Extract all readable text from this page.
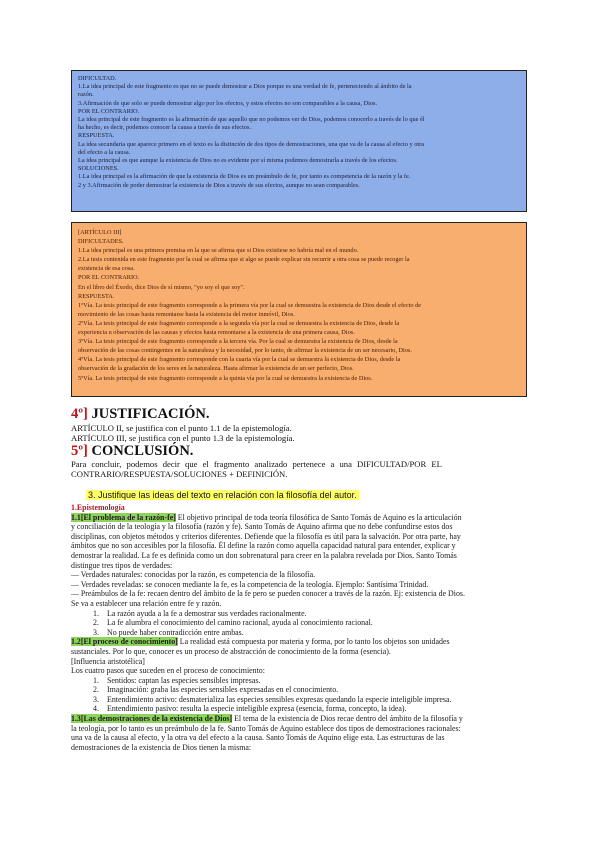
DIFICULTAD.
1.La idea principal de este fragmento es que no se puede demostrar a Dios porque es una verdad de fe, perteneciendo al ámbito de la
razón.
3.Afirmación de que solo se puede demostrar algo por los efectos, y estos efectos no son comparables a la causa, Dios.
POR EL CONTRARIO.
La idea principal de este fragmento es la afirmación de que aquello que no podemos ver de Dios, podemos conocerlo a través de lo que él
ha hecho, es decir, podemos conocer la causa a través de sus efectos.
RESPUESTA.
La idea secundaria que aparece primero en el texto es la distinción de dos tipos de demostraciones, una que va de la causa al efecto y otra
del efecto a la causa.
La idea principal es que aunque la existencia de Dios no es evidente por sí misma podemos demostrarla a través de los efectos.
SOLUCIONES.
1.La idea principal es la afirmación de que la existencia de Dios es un preámbulo de fe, por tanto es competencia de la razón y la fe.
2 y 3.Afirmación de poder demostrar la existencia de Dios a través de sus efectos, aunque no sean comparables.
[ARTÍCULO III]
DIFICULTADES.
1.La idea principal es una primera premisa en la que se afirma que si Dios existiese no habría mal en el mundo.
2.La tesis contenida en este fragmento por la cual se afirma que si algo se puede explicar sin recurrir a otra cosa se puede recoger la
existencia de esa cosa.
POR EL CONTRARIO.
En el libro del Éxodo, dice Dios de sí mismo, "yo soy el que soy".
RESPUESTA.
1ºVía. La tesis principal de este fragmento corresponde a la primera vía por la cual se demuestra la existencia de Dios desde el efecto de
movimiento de las cosas hasta remontarse hasta la existencia del motor inmóvil, Dios.
2ºVía. La tesis principal de este fragmento corresponde a la segunda vía por la cual se demuestra la existencia de Dios, desde la
experiencia u observación de las causas y efectos hasta remontarse a la existencia de una primera causa, Dios.
3ºVía. La tesis principal de este fragmento corresponde a la tercera vía. Por la cual se demuestra la existencia de Dios, desde la
observación de las cosas contingentes en la naturaleza y la necesidad, por lo tanto, de afirmar la existencia de un ser necesario, Dios.
4ºVía. La tesis principal de este fragmento corresponde con la cuarta vía por la cual se demuestra la existencia de Dios, desde la
observación de la gradación de los seres en la naturaleza. Hasta afirmar la existencia de un ser perfecto, Dios.
5ºVía. La tesis principal de este fragmento corresponde a la quinta vía por la cual se demuestra la existencia de Dios.
4º] JUSTIFICACIÓN.
ARTÍCULO II, se justifica con el punto 1.1 de la epistemología.
ARTÍCULO III, se justifica con el punto 1.3 de la epistemología.
5º] CONCLUSIÓN.
Para concluir, podemos decir que el fragmento analizado pertenece a una DIFICULTAD/POR EL
CONTRARIO/RESPUESTA/SOLUCIONES + DEFINICIÓN.
3. Justifique las ideas del texto en relación con la filosofía del autor.
1.Epistemología
1.1[El problema de la razón-fe] El objetivo principal de toda teoría filosófica de Santo Tomás de Aquino es la articulación
y conciliación de la teología y la filosofía (razón y fe). Santo Tomás de Aquino afirma que no debe confundirse estos dos
disciplinas, con objetos métodos y criterios diferentes. Defiende que la filosofía es útil para la salvación. Por otra parte, hay
ámbitos que no son accesibles por la filosofía. Él define la razón como aquella capacidad natural para entender, explicar y
demostrar la realidad. La fe es definida como un don sobrenatural para creer en la palabra revelada por Dios. Santo Tomás
distingue tres tipos de verdades:
— Verdades naturales: conocidas por la razón, es competencia de la filosofía.
— Verdades reveladas: se conocen mediante la fe, es la competencia de la teología. Ejemplo: Santísima Trinidad.
— Preámbulos de la fe: recaen dentro del ámbito de la fe pero se pueden conocer a través de la razón. Ej: existencia de Dios.
Se va a establecer una relación entre fe y razón.
1. La razón ayuda a la fe a demostrar sus verdades racionalmente.
2. La fe alumbra el conocimiento del camino racional, ayuda al conocimiento racional.
3. No puede haber contradicción entre ambas.
1.2[El proceso de conocimiento] La realidad está compuesta por materia y forma, por lo tanto los objetos son unidades
sustanciales. Por lo que, conocer es un proceso de abstracción de conocimiento de la forma (esencia).
[Influencia aristotélica]
Los cuatro pasos que suceden en el proceso de conocimiento:
1. Sentidos: captan las especies sensibles impresas.
2. Imaginación: graba las especies sensibles expresadas en el conocimiento.
3. Entendimiento activo: desmaterializa las especies sensibles expresas quedando la especie inteligible impresa.
4. Entendimiento pasivo: resulta la especie inteligible expresa (esencia, forma, concepto, la idea).
1.3[Las demostraciones de la existencia de Dios] El tema de la existencia de Dios recae dentro del ámbito de la filosofía y
la teología, por lo tanto es un preámbulo de la fe. Santo Tomás de Aquino establece dos tipos de demostraciones racionales:
una va de la causa al efecto, y la otra va del efecto a la causa. Santo Tomás de Aquino elige esta. Las estructuras de las
demostraciones de la existencia de Dios tienen la misma:
